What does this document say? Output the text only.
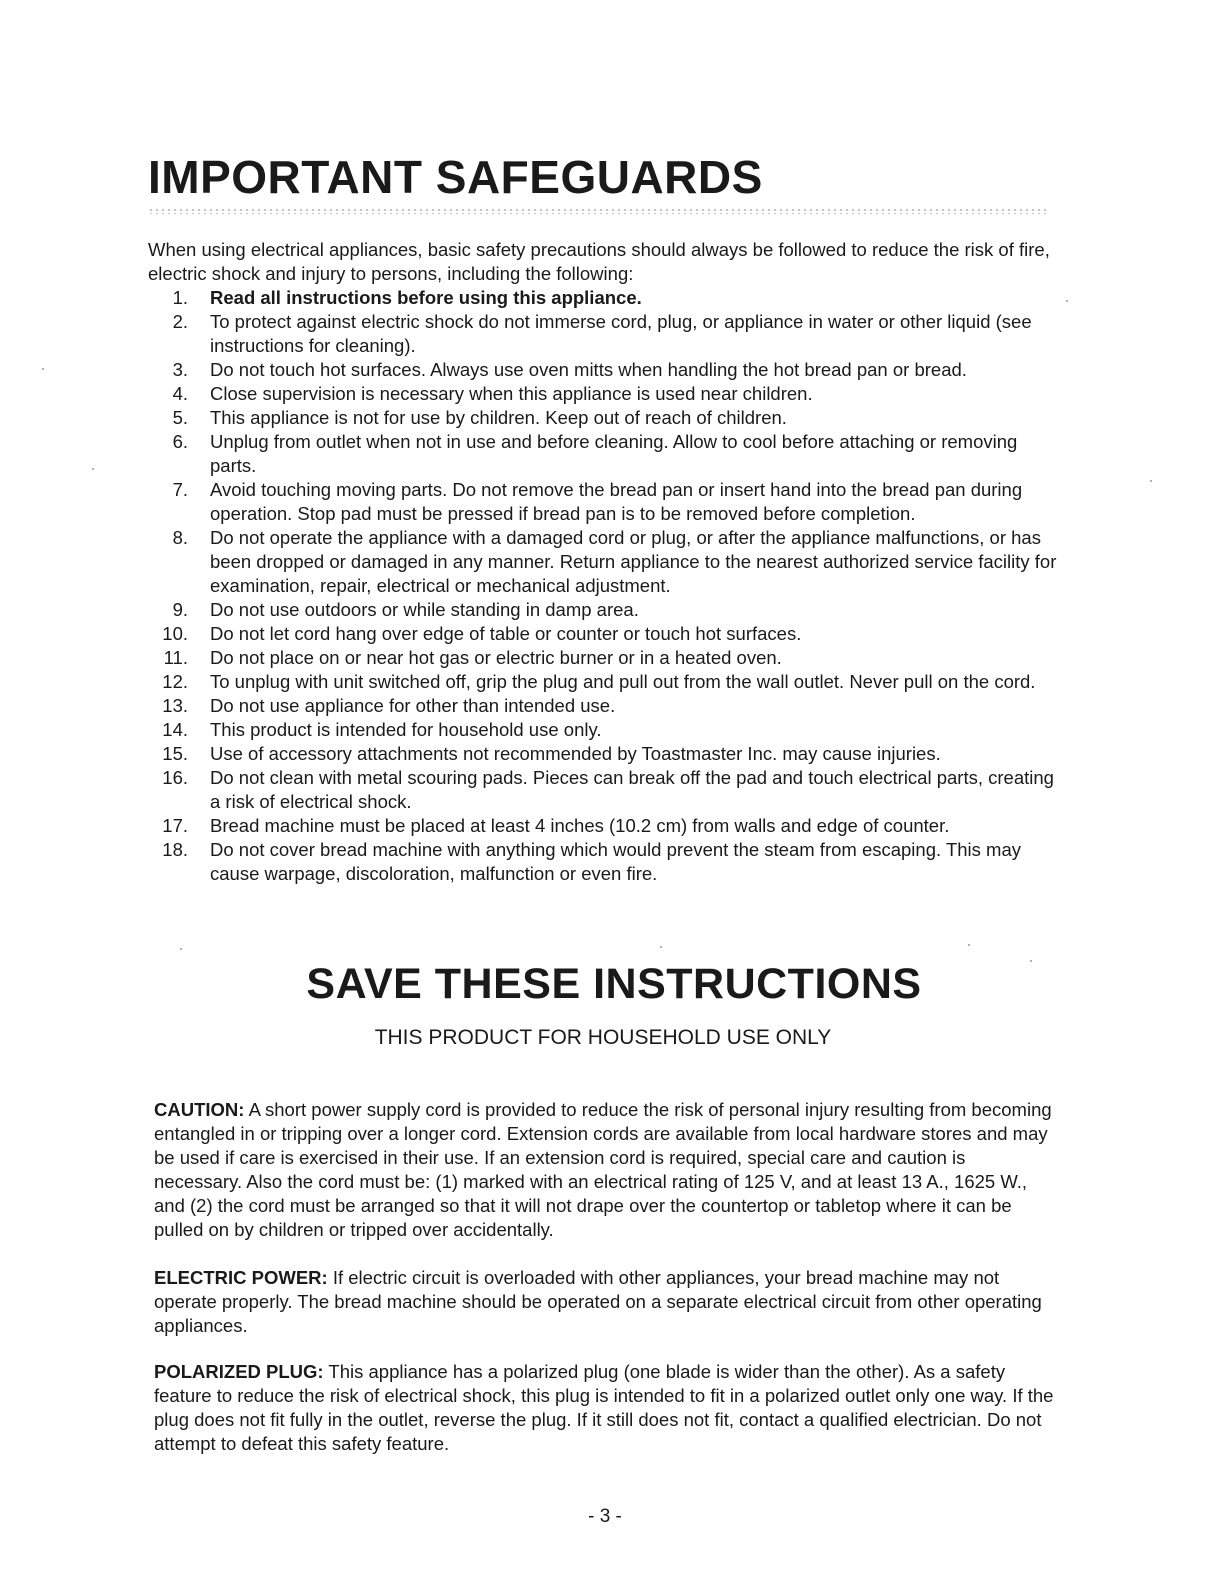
IMPORTANT SAFEGUARDS

When using electrical appliances, basic safety precautions should always be followed to reduce the risk of fire, electric shock and injury to persons, including the following:

1.	Read all instructions before using this appliance.
2.	To protect against electric shock do not immerse cord, plug, or appliance in water or other liquid (see instructions for cleaning).
3.	Do not touch hot surfaces. Always use oven mitts when handling the hot bread pan or bread.
4.	Close supervision is necessary when this appliance is used near children.
5.	This appliance is not for use by children. Keep out of reach of children.
6.	Unplug from outlet when not in use and before cleaning. Allow to cool before attaching or removing parts.
7.	Avoid touching moving parts. Do not remove the bread pan or insert hand into the bread pan during operation. Stop pad must be pressed if bread pan is to be removed before completion.
8.	Do not operate the appliance with a damaged cord or plug, or after the appliance malfunctions, or has been dropped or damaged in any manner. Return appliance to the nearest authorized service facility for examination, repair, electrical or mechanical adjustment.
9.	Do not use outdoors or while standing in damp area.
10.	Do not let cord hang over edge of table or counter or touch hot surfaces.
11.	Do not place on or near hot gas or electric burner or in a heated oven.
12.	To unplug with unit switched off, grip the plug and pull out from the wall outlet. Never pull on the cord.
13.	Do not use appliance for other than intended use.
14.	This product is intended for household use only.
15.	Use of accessory attachments not recommended by Toastmaster Inc. may cause injuries.
16.	Do not clean with metal scouring pads. Pieces can break off the pad and touch electrical parts, creating a risk of electrical shock.
17.	Bread machine must be placed at least 4 inches (10.2 cm) from walls and edge of counter.
18.	Do not cover bread machine with anything which would prevent the steam from escaping. This may cause warpage, discoloration, malfunction or even fire.
SAVE THESE INSTRUCTIONS

THIS PRODUCT FOR HOUSEHOLD USE ONLY

CAUTION: A short power supply cord is provided to reduce the risk of personal injury resulting from becoming entangled in or tripping over a longer cord. Extension cords are available from local hardware stores and may be used if care is exercised in their use. If an extension cord is required, special care and caution is necessary. Also the cord must be: (1) marked with an electrical rating of 125 V, and at least 13 A., 1625 W., and (2) the cord must be arranged so that it will not drape over the countertop or tabletop where it can be pulled on by children or tripped over accidentally.

ELECTRIC POWER: If electric circuit is overloaded with other appliances, your bread machine may not operate properly. The bread machine should be operated on a separate electrical circuit from other operating appliances.

POLARIZED PLUG: This appliance has a polarized plug (one blade is wider than the other). As a safety feature to reduce the risk of electrical shock, this plug is intended to fit in a polarized outlet only one way. If the plug does not fit fully in the outlet, reverse the plug. If it still does not fit, contact a qualified electrician. Do not attempt to defeat this safety feature.

- 3 -
